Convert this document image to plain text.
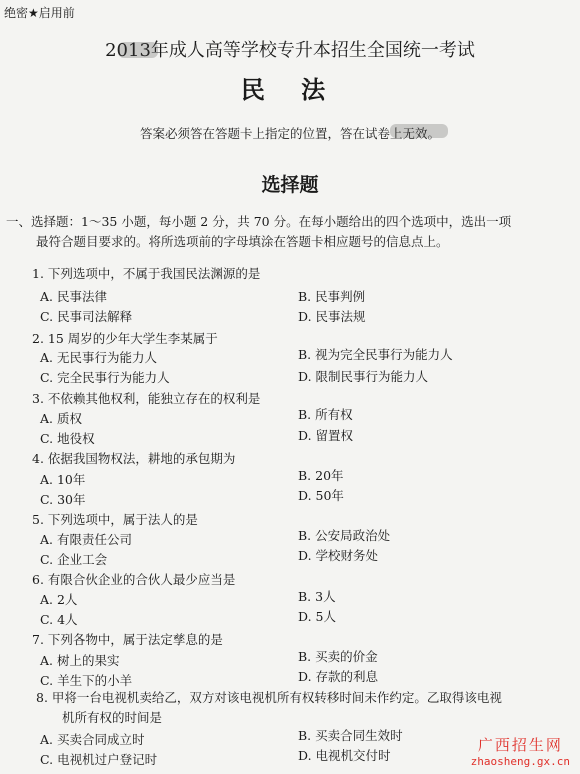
绝密★启用前
2013年成人高等学校专升本招生全国统一考试
民 法
答案必须答在答题卡上指定的位置，答在试卷上无效。
选择题
一、选择题：1～35 小题，每小题 2 分，共 70 分。在每小题给出的四个选项中，选出一项
最符合题目要求的。将所选项前的字母填涂在答题卡相应题号的信息点上。
1. 下列选项中，不属于我国民法渊源的是
A. 民事法律	B. 民事判例
C. 民事司法解释	D. 民事法规
2. 15 周岁的少年大学生李某属于
A. 无民事行为能力人	B. 视为完全民事行为能力人
C. 完全民事行为能力人	D. 限制民事行为能力人
3. 不依赖其他权利，能独立存在的权利是
A. 质权	B. 所有权
C. 地役权	D. 留置权
4. 依据我国物权法，耕地的承包期为
A. 10年	B. 20年
C. 30年	D. 50年
5. 下列选项中，属于法人的是
A. 有限责任公司	B. 公安局政治处
C. 企业工会	D. 学校财务处
6. 有限合伙企业的合伙人最少应当是
A. 2人	B. 3人
C. 4人	D. 5人
7. 下列各物中，属于法定孳息的是
A. 树上的果实	B. 买卖的价金
C. 羊生下的小羊	D. 存款的利息
8. 甲将一台电视机卖给乙，双方对该电视机所有权转移时间未作约定。乙取得该电视
机所有权的时间是
A. 买卖合同成立时	B. 买卖合同生效时
C. 电视机过户登记时	D. 电视机交付时
广西招生网
zhaosheng.gx.cn
